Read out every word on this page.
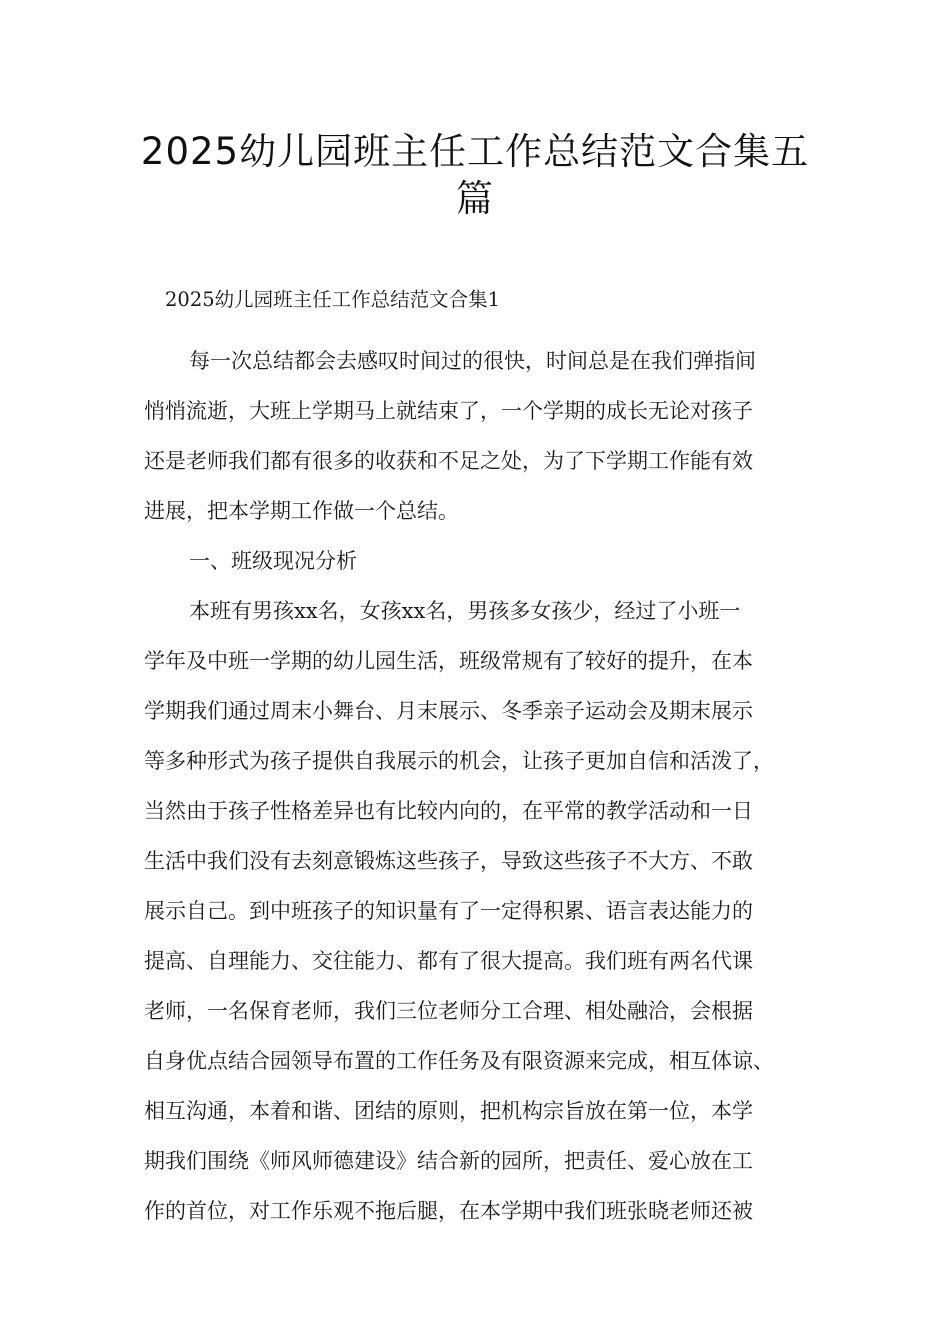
2025幼儿园班主任工作总结范文合集五
篇

2025幼儿园班主任工作总结范文合集1

每一次总结都会去感叹时间过的很快，时间总是在我们弹指间
悄悄流逝，大班上学期马上就结束了，一个学期的成长无论对孩子
还是老师我们都有很多的收获和不足之处，为了下学期工作能有效
进展，把本学期工作做一个总结。
一、班级现况分析
本班有男孩xx名，女孩xx名，男孩多女孩少，经过了小班一
学年及中班一学期的幼儿园生活，班级常规有了较好的提升，在本
学期我们通过周末小舞台、月末展示、冬季亲子运动会及期末展示
等多种形式为孩子提供自我展示的机会，让孩子更加自信和活泼了，
当然由于孩子性格差异也有比较内向的，在平常的教学活动和一日
生活中我们没有去刻意锻炼这些孩子，导致这些孩子不大方、不敢
展示自己。到中班孩子的知识量有了一定得积累、语言表达能力的
提高、自理能力、交往能力、都有了很大提高。我们班有两名代课
老师，一名保育老师，我们三位老师分工合理、相处融洽，会根据
自身优点结合园领导布置的工作任务及有限资源来完成，相互体谅、
相互沟通，本着和谐、团结的原则，把机构宗旨放在第一位，本学
期我们围绕《师风师德建设》结合新的园所，把责任、爱心放在工
作的首位，对工作乐观不拖后腿，在本学期中我们班张晓老师还被
